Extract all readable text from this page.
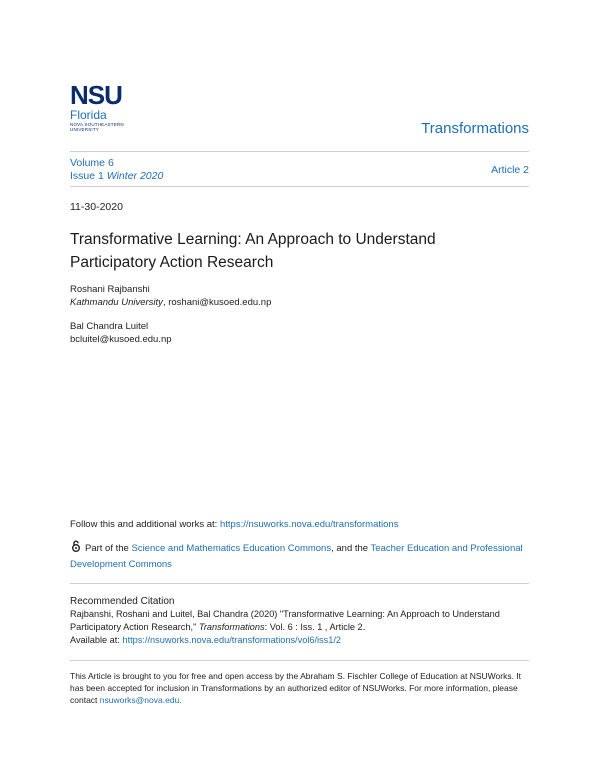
NSU
Florida
NOVA SOUTHEASTERN
UNIVERSITY	Transformations
Volume 6
Issue 1 Winter 2020	Article 2
11-30-2020
Transformative Learning: An Approach to Understand Participatory Action Research
Roshani Rajbanshi
Kathmandu University, roshani@kusoed.edu.np
Bal Chandra Luitel
bcluitel@kusoed.edu.np
Follow this and additional works at: https://nsuworks.nova.edu/transformations
Part of the Science and Mathematics Education Commons, and the Teacher Education and Professional Development Commons
Recommended Citation
Rajbanshi, Roshani and Luitel, Bal Chandra (2020) "Transformative Learning: An Approach to Understand Participatory Action Research," Transformations: Vol. 6 : Iss. 1 , Article 2.
Available at: https://nsuworks.nova.edu/transformations/vol6/iss1/2
This Article is brought to you for free and open access by the Abraham S. Fischler College of Education at NSUWorks. It has been accepted for inclusion in Transformations by an authorized editor of NSUWorks. For more information, please contact nsuworks@nova.edu.
